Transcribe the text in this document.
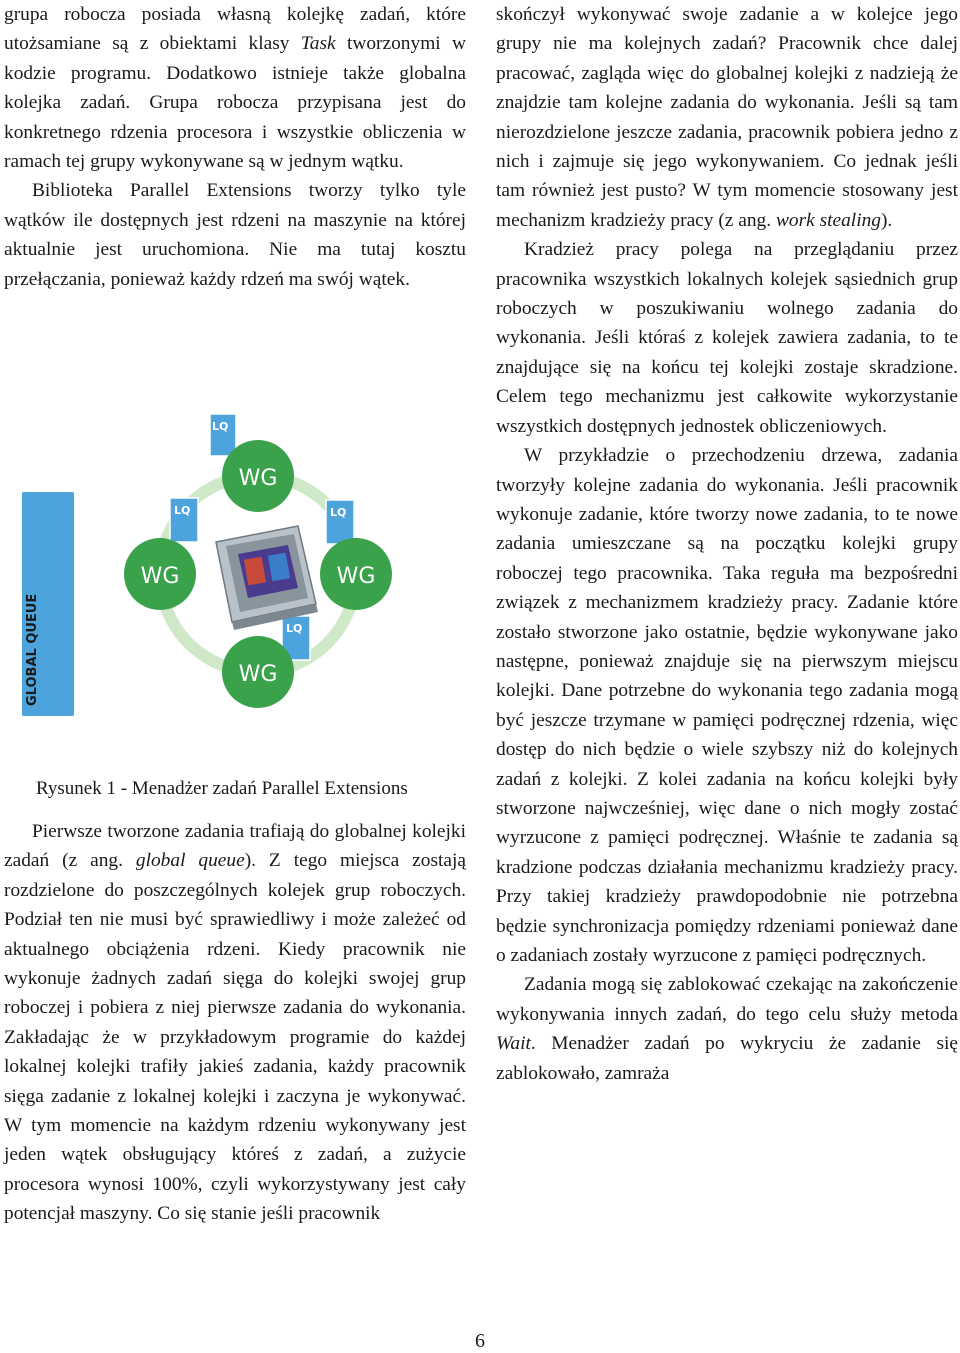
grupa robocza posiada własną kolejkę zadań, które utożsamiane są z obiektami klasy Task tworzonymi w kodzie programu. Dodatkowo istnieje także globalna kolejka zadań. Grupa robocza przypisana jest do konkretnego rdzenia procesora i wszystkie obliczenia w ramach tej grupy wykonywane są w jednym wątku.

Biblioteka Parallel Extensions tworzy tylko tyle wątków ile dostępnych jest rdzeni na maszynie na której aktualnie jest uruchomiona. Nie ma tutaj kosztu przełączania, ponieważ każdy rdzeń ma swój wątek.

GLOBAL QUEUE
LQ
LQ	LQ
LQ
WG
WG	WG
WG
Rysunek 1 - Menadżer zadań Parallel Extensions

Pierwsze tworzone zadania trafiają do globalnej kolejki zadań (z ang. global queue). Z tego miejsca zostają rozdzielone do poszczególnych kolejek grup roboczych. Podział ten nie musi być sprawiedliwy i może zależeć od aktualnego obciążenia rdzeni. Kiedy pracownik nie wykonuje żadnych zadań sięga do kolejki swojej grup roboczej i pobiera z niej pierwsze zadania do wykonania. Zakładając że w przykładowym programie do każdej lokalnej kolejki trafiły jakieś zadania, każdy pracownik sięga zadanie z lokalnej kolejki i zaczyna je wykonywać. W tym momencie na każdym rdzeniu wykonywany jest jeden wątek obsługujący któreś z zadań, a zużycie procesora wynosi 100%, czyli wykorzystywany jest cały potencjał maszyny. Co się stanie jeśli pracownik

skończył wykonywać swoje zadanie a w kolejce jego grupy nie ma kolejnych zadań? Pracownik chce dalej pracować, zagląda więc do globalnej kolejki z nadzieją że znajdzie tam kolejne zadania do wykonania. Jeśli są tam nierozdzielone jeszcze zadania, pracownik pobiera jedno z nich i zajmuje się jego wykonywaniem. Co jednak jeśli tam również jest pusto? W tym momencie stosowany jest mechanizm kradzieży pracy (z ang. work stealing).

Kradzież pracy polega na przeglądaniu przez pracownika wszystkich lokalnych kolejek sąsiednich grup roboczych w poszukiwaniu wolnego zadania do wykonania. Jeśli któraś z kolejek zawiera zadania, to te znajdujące się na końcu tej kolejki zostaje skradzione. Celem tego mechanizmu jest całkowite wykorzystanie wszystkich dostępnych jednostek obliczeniowych.

W przykładzie o przechodzeniu drzewa, zadania tworzyły kolejne zadania do wykonania. Jeśli pracownik wykonuje zadanie, które tworzy nowe zadania, to te nowe zadania umieszczane są na początku kolejki grupy roboczej tego pracownika. Taka reguła ma bezpośredni związek z mechanizmem kradzieży pracy. Zadanie które zostało stworzone jako ostatnie, będzie wykonywane jako następne, ponieważ znajduje się na pierwszym miejscu kolejki. Dane potrzebne do wykonania tego zadania mogą być jeszcze trzymane w pamięci podręcznej rdzenia, więc dostęp do nich będzie o wiele szybszy niż do kolejnych zadań z kolejki. Z kolei zadania na końcu kolejki były stworzone najwcześniej, więc dane o nich mogły zostać wyrzucone z pamięci podręcznej. Właśnie te zadania są kradzione podczas działania mechanizmu kradzieży pracy. Przy takiej kradzieży prawdopodobnie nie potrzebna będzie synchronizacja pomiędzy rdzeniami ponieważ dane o zadaniach zostały wyrzucone z pamięci podręcznych.

Zadania mogą się zablokować czekając na zakończenie wykonywania innych zadań, do tego celu służy metoda Wait. Menadżer zadań po wykryciu że zadanie się zablokowało, zamraża

6
